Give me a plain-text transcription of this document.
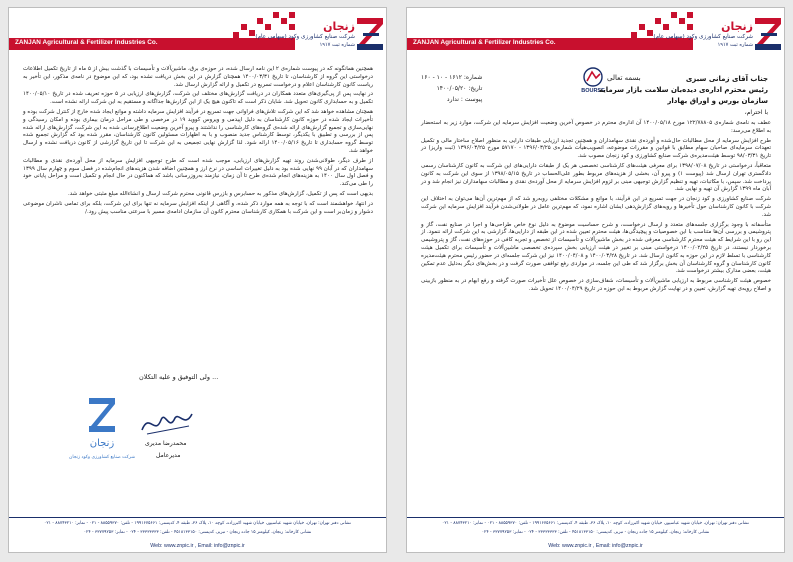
ZANJAN Agricultural & Fertilizer Industries Co.
زنجان
شرکت صنایع کشاورزی وکود (سهامی عام)
شماره ثبت ۱۹۱۷

همچنین همانگونه که در پیوست شماره‌ی ۲ این نامه ارسال شده، در حوزه‌ی برق، ماشین‌آلات و تأسیسات با گذشت بیش از ۵ ماه از تاریخ تکمیل اطلاعات درخواستی این گروه از کارشناسان، تا تاریخ ۱۴۰۰/۰۳/۳۱ همچنان گزارش در این بخش دریافت نشده بود، که این موضوع در نامه‌ی مذکور، این تأخیر به ریاست کانون کارشناسان اعلام و درخواست تسریع در تکمیل و ارائه گزارش ارسال شد.

در نهایت پس از پی‌گیری‌های متعدد همکاران در دریافت گزارش‌های مختلف این شرکت، گزارش‌های ارزیابی در ۵ حوزه تعریف شده در تاریخ ۱۴۰۰/۰۵/۱۰ تکمیل و به حسابداری کانون تحویل شد. شایان ذکر است که تاکنون هیچ یک از این گزارش‌ها جداگانه و مستقیم به این شرکت ارائه نشده است.

همچنان مشاهده خواهد شد که این شرکت تلاش‌های فراوانی جهت تسریع در فرآیند افزایش سرمایه داشته و موانع ایجاد شده خارج از کنترل شرکت بوده و تأخیرات ایجاد شده در حوزه کانون کارشناسان به دلیل اپیدمی و ویروس کووید ۱۹ در مرخصی و طی مراحل درمان بیماری بوده و امکان رسیدگی و نهایی‌سازی و تجمیع گزارش‌های ارائه شده‌ی گروه‌های کارشناسی را نداشتند و پیرو آخرین وضعیت اطلاع‌رسانی شده به این شرکت، گزارش‌های ارائه شده پس از بررسی و تطبیق با یکدیگر، توسط کارشناس جدید منصوب و با به اظهارات مسئولین کانون کارشناسان، مقرر شده بود که گزارش تجمیع شده توسط گروه حسابداری تا تاریخ ۱۴۰۰/۰۵/۱۶ ارائه شود. لذا گزارش نهایی تجمیعی به این شرکت تا این تاریخ گزارشی از کانون دریافت نشده و ارسال خواهد شد.

از طرف دیگر، طولانی‌شدن روند تهیه گزارش‌های ارزیابی، موجب شده است که طرح توجیهی افزایش سرمایه از محل آورده‌ی نقدی و مطالبات سهامداران که در آبان ۹۹ نهایی شده بود به دلیل تغییرات اساسی در نرخ ارز و همچنین اضافه شدن هزینه‌های انجام‌شده در فصل سوم و چهارم سال ۱۳۹۹ و فصل اول سال ۱۴۰۰ به هزینه‌های انجام شده‌ی طرح تا آن زمان، نیازمند به‌روزرسانی باشد که هماکنون در حال انجام و تکمیل است و مراحل پایانی خود را طی می‌کند.

بدیهی است که پس از تکمیل، گزارش‌های مذکور به حسابرس و بازرس قانونی محترم شرکت ارسال و انشاءالله مبلغ مثبتی خواهد شد.

در انتها، خواهشمند است که با توجه به همه موارد ذکر شده، و آگاهی از اینکه افزایش سرمایه نه تنها برای این شرکت، بلکه برای تمامی ناشران موضوعی دشوار و زمان‌بر است و این شرکت با همکاری کارشناسان محترم کانون آن سازمان ادامه‌ی مسیر با سرعتی مناسب پیش رود./

... ولی التوفیق و علیه التکلان
زنجان
شرکت صنایع کشاورزی وکود زنجان
محمدرضا مدیری
مدیرعامل
نشانی دفتر تهران: تهران، خیابان شهید عباسپور، خیابان شهید اکبرزاده، کوچه ۱۰، پلاک ۳۶، طبقه ۴، کدپستی: ۱۹۹۱۶۷۵۶۶۱ - تلفن: ۸۸۵۵۹۳۷۰ - ۰۲۱ - نمابر: ۸۸۷۴۳۲۱۰ - ۰۲۱
نشانی کارخانه: زنجان، کیلومتر ۱۵ جاده زنجان - تبریز، کدپستی: ۴۵۱۸۱۳۳۱۵۰ - تلفن: ۳۳۳۳۳۳۳۳ - ۰۲۴ - نمابر: ۳۳۷۷۹۲۵۳ - ۰۲۴
Web: www.znpic.ir , Email: info@znpic.ir
ZANJAN Agricultural & Fertilizer Industries Co.
زنجان
شرکت صنایع کشاورزی وکود (سهامی عام)
شماره ثبت ۱۹۱۷
شماره: ۱۶۱۲ - ۱۰ - ۱۶۰
تاریخ: ۱۴۰۰/۰۵/۲۰
پیوست : ندارد
بسمه تعالی
BOURSE
جناب آقای زمانی سبزی
رئیس محترم اداره‌ی دیده‌بان سلامت بازار سرمایه
سازمان بورس و اوراق بهادار
با احترام،

عطف به نامه‌ی شماره‌ی ۱۲۲/۷۸۸۰۵ مورخ ۱۴۰۰/۰۵/۱۸ آن اداره‌ی محترم در خصوص آخرین وضعیت افزایش سرمایه این شرکت، موارد زیر به استحضار به اطلاع می‌رسد:

طرح افزایش سرمایه از محل مطالبات حال‌شده و آورده‌ی نقدی سهامداران و همچنین تجدید ارزیابی طبقات دارایی به منظور اصلاح ساختار مالی و تکمیل تعهدات سرمایه‌ای صاحبان سهام مطابق با قوانین و مقررات موضوعه، اتصویب‌هیأت شماره‌ی ۱۳۹۶/۰۳/۲۵ - ۵۷۱۷۰ مورخ ۱۳۹۶/۰۳/۲۵ (ثبت واریز) در تاریخ ۹۸/۰۳/۳۱ توسط هیئت‌مدیره‌ی شرکت صنایع کشاورزی و کود زنجان مصوب شد.

متعاقباً، درخواستی در تاریخ ۱۳۹۸/۰۷/۰۸ برای معرفی هیئت‌های کارشناسی تخصصی هر یک از طبقات دارایی‌های این شرکت به کانون کارشناسان رسمی دادگستری تهران ارسال شد (پیوست ۱) و پیرو آن، بخشی از هزینه‌های مربوط بطور علی‌الحساب در تاریخ ۱۳۹۸/۰۵/۱۵ از سوی این شرکت به کانون پرداخت شد. سپس، با مکاتبات، تهیه و تنظیم گزارش توجیهی مبنی بر لزوم افزایش سرمایه از محل آورده‌ی نقدی و مطالبات سهامداران نیز انجام شد و در آبان ماه ۱۳۹۹ گزارش آن تهیه و نهایی شد.

شرکت صنایع کشاورزی و کود زنجان در جهت تسریع در این فرآیند، با موانع و مشکلات مختلفی روبه‌رو شد که از مهم‌ترین آن‌ها می‌توان به اختلاف این شرکت با کانون کارشناسان حول تأخیرها و رویه‌های گزارش‌دهی ایشان اشاره نمود، که مهم‌ترین عامل در طولانی‌شدن فرآیند افزایش سرمایه این شرکت شد.

متأسفانه با وجود برگزاری جلسه‌های متعدد و ارسال درخواست، و شرح حساسیت موضوع به دلیل نوع خاص طراحی‌ها و اجرا در صنایع نفت، گاز و پتروشیمی و بررسی آن‌ها متناسب با این خصوصیات و پیچیدگی‌ها، هیئت محترم تعیین شده در این طبقه از دارایی‌ها، گزارشی به این شرکت ارائه ننمود. از این رو با این شرایط که هیئت محترم کارشناسی معرفی شده در بخش ماشین‌آلات و تأسیسات از تخصص و تجربه کافی در حوزه‌های نفت، گاز و پتروشیمی برخوردار نیستند، در تاریخ ۱۴۰۰/۰۲/۲۵ درخواستی مبنی بر تغییر در هیئت ارزیابی بخش سپرده‌ی تخصصی ماشین‌آلات و تأسیسات برای تکمیل هیئت کارشناسی با تسلط لازم در این حوزه به کانون ارسال شد. در تاریخ ۱۴۰۰/۰۳/۲۸ و ۱۴۰۰/۰۴/۰۸ نیز این شرکت جلسه‌ای در حضور رئیس محترم هیئت‌مدیره کانون کارشناسان و گروه کارشناسان آن بخش برگزار شد که طی این جلسه، در مواردی رفع توافقی صورت گرفت و در بخش‌های دیگر به‌دلیل عدم تمکین هیئت، بعضی مدارک بیشتر درخواست شد.

خصوص هیئت کارشناسی مربوط به ارزیابی ماشین‌آلات و تأسیسات، شفاف‌سازی در خصوص علل تأخیرات صورت گرفته و رفع ابهام در به منظور بازبینی و اصلاح رویه‌ی تهیه گزارش، تعیین و در نهایت گزارش مربوط به این حوزه در تاریخ ۱۴۰۰/۰۴/۲۹ تحویل شد.

نشانی دفتر تهران: تهران، خیابان شهید عباسپور، خیابان شهید اکبرزاده، کوچه ۱۰، پلاک ۳۶، طبقه ۴، کدپستی: ۱۹۹۱۶۷۵۶۶۱ - تلفن: ۸۸۵۵۹۳۷۰ - ۰۲۱ - نمابر: ۸۸۷۴۳۲۱۰ - ۰۲۱
نشانی کارخانه: زنجان، کیلومتر ۱۵ جاده زنجان - تبریز، کدپستی: ۴۵۱۸۱۳۳۱۵۰ - تلفن: ۳۳۳۳۳۳۳۳ - ۰۲۴ - نمابر: ۳۳۷۷۹۲۵۳ - ۰۲۴
Web: www.znpic.ir , Email: info@znpic.ir
